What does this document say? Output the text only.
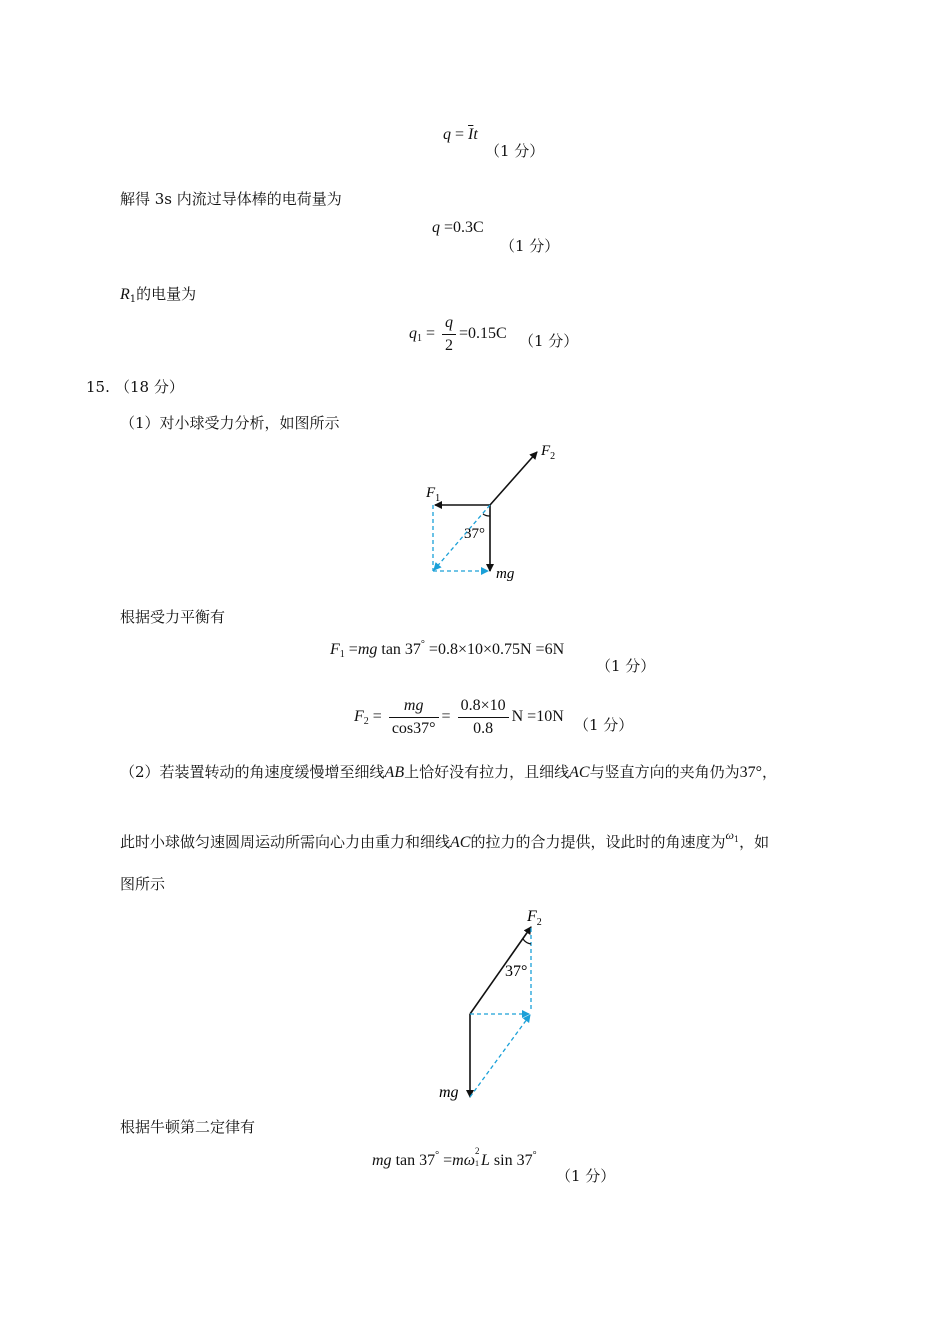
$q = \overline{I}t$
（1 分）
解得 3s 内流过导体棒的电荷量为
q =0.3C
（1 分）
$R_1$的电量为
$q_1 = \frac{q}{2} =0.15C$ （1 分）
15. （18 分）
（1）对小球受力分析，如图所示
$F_2$
$F_1$
37°
mg
根据受力平衡有
$F_1 =mg$ tan 37° =0.8×10×0.75N =6N
（1 分）
$F_2 = \frac{mg}{\cos 37^\circ} = \frac{0.8\times 10}{0.8}$ N =10N （1 分）
（2）若装置转动的角速度缓慢增至细线AB上恰好没有拉力，且细线AC与竖直方向的夹角仍为37°，
此时小球做匀速圆周运动所需向心力由重力和细线AC的拉力的合力提供，设此时的角速度为$^{\omega 1}$，如
图所示
$F_2$
37°
mg
根据牛顿第二定律有
mg tan 37° =mω
2
1 L sin 37°
（1 分）
